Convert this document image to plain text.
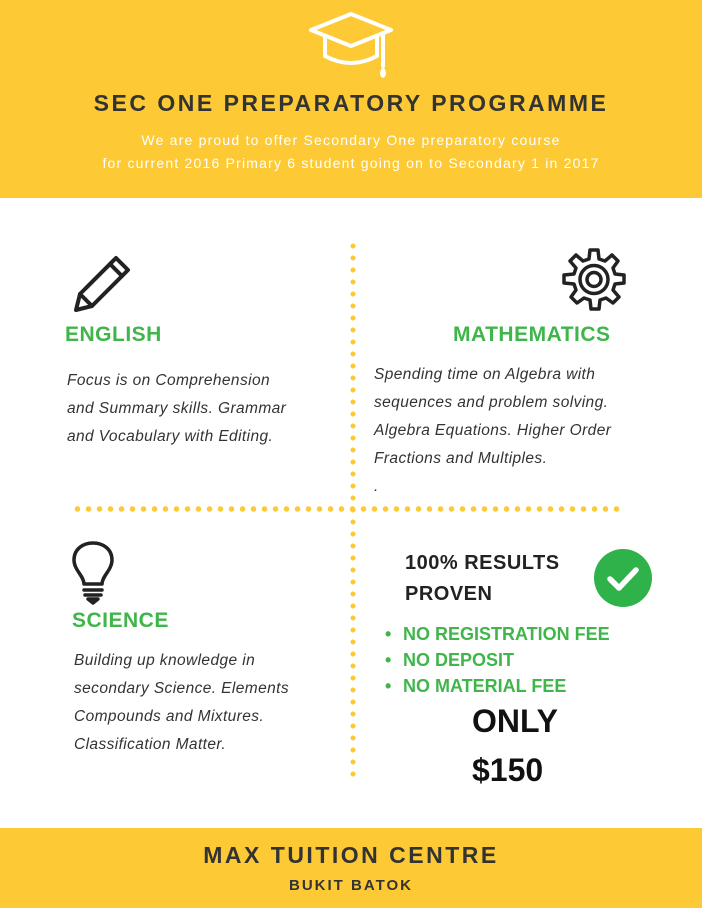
SEC ONE PREPARATORY PROGRAMME
We are proud to offer Secondary One preparatory course
for current 2016 Primary 6 student going on to Secondary 1 in 2017
ENGLISH
Focus is on Comprehension
and Summary skills. Grammar
and Vocabulary with Editing.
MATHEMATICS
Spending time on Algebra with
sequences and problem solving.
Algebra Equations. Higher Order
Fractions and Multiples.
.
SCIENCE
Building up knowledge in
secondary Science. Elements
Compounds and Mixtures.
Classification Matter.
100% RESULTS
PROVEN
• NO REGISTRATION FEE
• NO DEPOSIT
• NO MATERIAL FEE
ONLY
$150
MAX TUITION CENTRE
BUKIT BATOK
